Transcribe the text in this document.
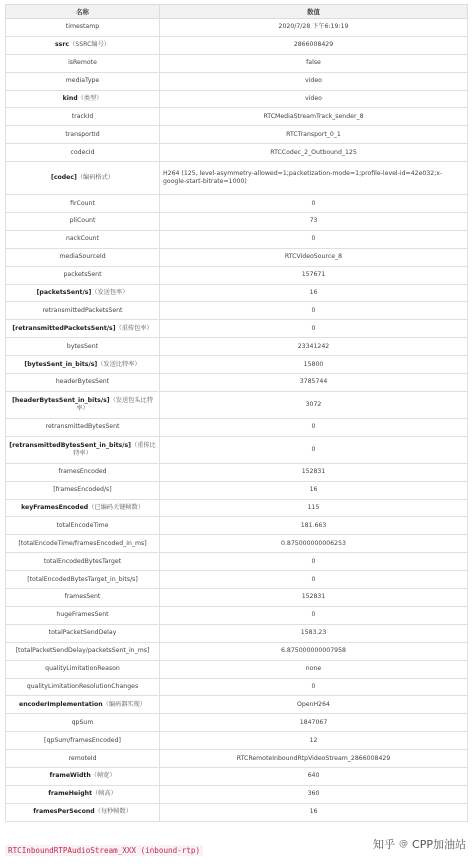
名称	数值
timestamp	2020/7/28 下午6:19:19
ssrc（SSRC编号）	2866008429
isRemote	false
mediaType	video
kind（类型）	video
trackId	RTCMediaStreamTrack_sender_8
transportId	RTCTransport_0_1
codecId	RTCCodec_2_Outbound_125
[codec]（编码格式）	H264 (125, level-asymmetry-allowed=1;packetization-mode=1;profile-level-id=42e032;x-google-start-bitrate=1000)
firCount	0
pliCount	73
nackCount	0
mediaSourceId	RTCVideoSource_8
packetsSent	157671
[packetsSent/s]（发送包率）	16
retransmittedPacketsSent	0
[retransmittedPacketsSent/s]（重传包率）	0
bytesSent	23341242
[bytesSent_in_bits/s]（发送比特率）	15800
headerBytesSent	3785744
[headerBytesSent_in_bits/s]（发送包头比特率）	3072
retransmittedBytesSent	0
[retransmittedBytesSent_in_bits/s]（重传比特率）	0
framesEncoded	152831
[framesEncoded/s]	16
keyFramesEncoded（已编码关键帧数）	115
totalEncodeTime	181.663
[totalEncodeTime/framesEncoded_in_ms]	0.875000000006253
totalEncodedBytesTarget	0
[totalEncodedBytesTarget_in_bits/s]	0
framesSent	152831
hugeFramesSent	0
totalPacketSendDelay	1583.23
[totalPacketSendDelay/packetsSent_in_ms]	6.875000000007958
qualityLimitationReason	none
qualityLimitationResolutionChanges	0
encoderImplementation（编码器实现）	OpenH264
qpSum	1847067
[qpSum/framesEncoded]	12
remoteId	RTCRemoteInboundRtpVideoStream_2866008429
frameWidth（帧宽）	640
frameHeight（帧高）	360
framesPerSecond（每秒帧数）	16
RTCInboundRTPAudioStream_XXX (inbound-rtp)	知乎 @ CPP加油站
